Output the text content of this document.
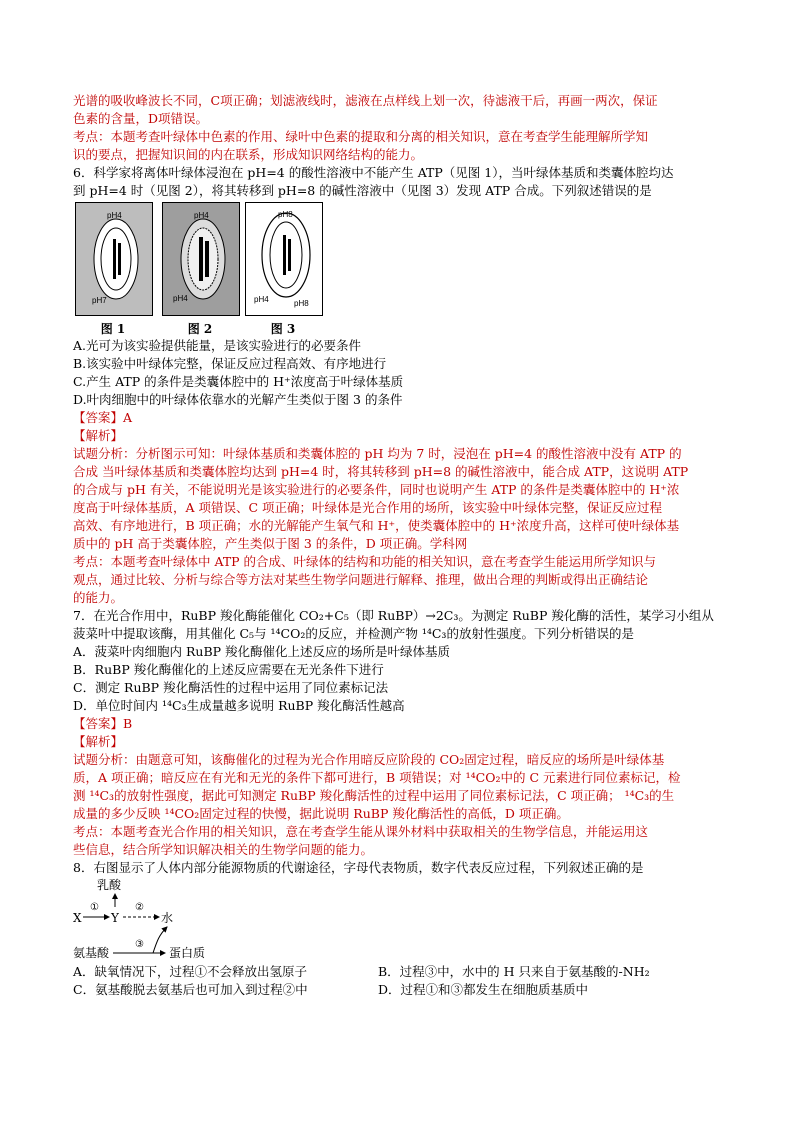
光谱的吸收峰波长不同，C项正确；划滤液线时，滤液在点样线上划一次，待滤液干后，再画一两次，保证
色素的含量，D项错误。
考点：本题考查叶绿体中色素的作用、绿叶中色素的提取和分离的相关知识，意在考查学生能理解所学知
识的要点，把握知识间的内在联系，形成知识网络结构的能力。
6．科学家将离体叶绿体浸泡在 pH=4 的酸性溶液中不能产生 ATP（见图 1），当叶绿体基质和类囊体腔均达
到 pH=4 时（见图 2），将其转移到 pH=8 的碱性溶液中（见图 3）发现 ATP 合成。下列叙述错误的是
pH4
pH7
图 1
pH4
pH4
图 2
pH8
pH4	pH8
图 3
A.光可为该实验提供能量，是该实验进行的必要条件
B.该实验中叶绿体完整，保证反应过程高效、有序地进行
C.产生 ATP 的条件是类囊体腔中的 H⁺浓度高于叶绿体基质
D.叶肉细胞中的叶绿体依靠水的光解产生类似于图 3 的条件
【答案】A
【解析】
试题分析：分析图示可知：叶绿体基质和类囊体腔的 pH 均为 7 时，浸泡在 pH=4 的酸性溶液中没有 ATP 的
合成 当叶绿体基质和类囊体腔均达到 pH=4 时，将其转移到 pH=8 的碱性溶液中，能合成 ATP，这说明 ATP
的合成与 pH 有关，不能说明光是该实验进行的必要条件，同时也说明产生 ATP 的条件是类囊体腔中的 H⁺浓
度高于叶绿体基质，A 项错误、C 项正确；叶绿体是光合作用的场所，该实验中叶绿体完整，保证反应过程
高效、有序地进行，B 项正确；水的光解能产生氧气和 H⁺，使类囊体腔中的 H⁺浓度升高，这样可使叶绿体基
质中的 pH 高于类囊体腔，产生类似于图 3 的条件，D 项正确。学科网
考点：本题考查叶绿体中 ATP 的合成、叶绿体的结构和功能的相关知识，意在考查学生能运用所学知识与
观点，通过比较、分析与综合等方法对某些生物学问题进行解释、推理，做出合理的判断或得出正确结论
的能力。
7．在光合作用中，RuBP 羧化酶能催化 CO₂+C₅（即 RuBP）→2C₃。为测定 RuBP 羧化酶的活性，某学习小组从
菠菜叶中提取该酶，用其催化 C₅与 ¹⁴CO₂的反应，并检测产物 ¹⁴C₃的放射性强度。下列分析错误的是
A．菠菜叶肉细胞内 RuBP 羧化酶催化上述反应的场所是叶绿体基质
B．RuBP 羧化酶催化的上述反应需要在无光条件下进行
C．测定 RuBP 羧化酶活性的过程中运用了同位素标记法
D．单位时间内 ¹⁴C₃生成量越多说明 RuBP 羧化酶活性越高
【答案】B
【解析】
试题分析：由题意可知，该酶催化的过程为光合作用暗反应阶段的 CO₂固定过程，暗反应的场所是叶绿体基
质，A 项正确；暗反应在有光和无光的条件下都可进行，B 项错误；对 ¹⁴CO₂中的 C 元素进行同位素标记，检
测 ¹⁴C₃的放射性强度，据此可知测定 RuBP 羧化酶活性的过程中运用了同位素标记法，C 项正确； ¹⁴C₃的生
成量的多少反映 ¹⁴CO₂固定过程的快慢，据此说明 RuBP 羧化酶活性的高低，D 项正确。
考点：本题考查光合作用的相关知识，意在考查学生能从课外材料中获取相关的生物学信息，并能运用这
些信息，结合所学知识解决相关的生物学问题的能力。
8．右图显示了人体内部分能源物质的代谢途径，字母代表物质，数字代表反应过程，下列叙述正确的是
乳酸
X
①
Y
②
水
氨基酸
③
蛋白质
A．缺氧情况下，过程①不会释放出氢原子	B．过程③中，水中的 H 只来自于氨基酸的-NH₂
C．氨基酸脱去氨基后也可加入到过程②中	D．过程①和③都发生在细胞质基质中
